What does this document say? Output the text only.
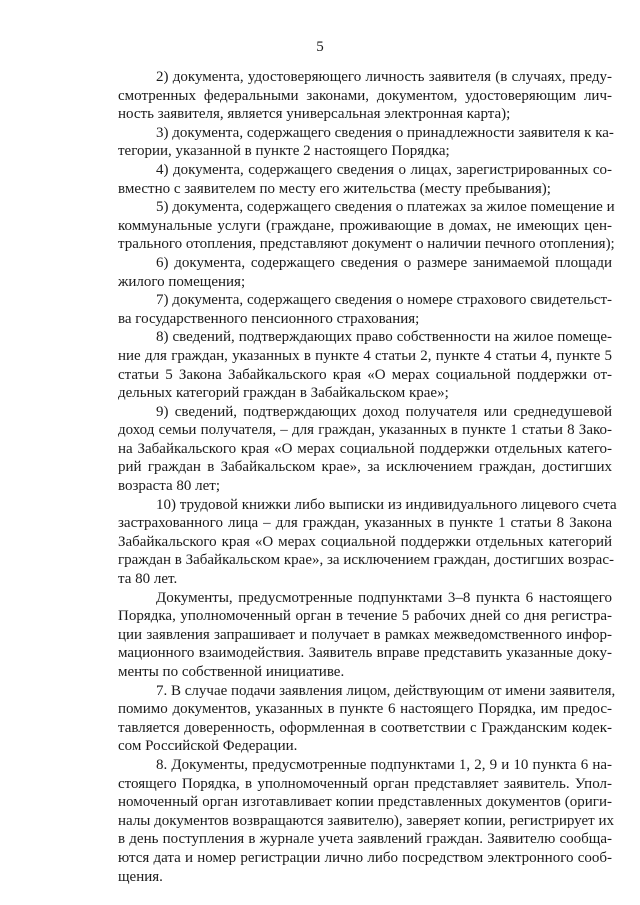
5
2) документа, удостоверяющего личность заявителя (в случаях, преду-
смотренных федеральными законами, документом, удостоверяющим лич-
ность заявителя, является универсальная электронная карта);
3) документа, содержащего сведения о принадлежности заявителя к ка-
тегории, указанной в пункте 2 настоящего Порядка;
4) документа, содержащего сведения о лицах, зарегистрированных со-
вместно с заявителем по месту его жительства (месту пребывания);
5) документа, содержащего сведения о платежах за жилое помещение и
коммунальные услуги (граждане, проживающие в домах, не имеющих цен-
трального отопления, представляют документ о наличии печного отопления);
6) документа, содержащего сведения о размере занимаемой площади
жилого помещения;
7) документа, содержащего сведения о номере страхового свидетельст-
ва государственного пенсионного страхования;
8) сведений, подтверждающих право собственности на жилое помеще-
ние для граждан, указанных в пункте 4 статьи 2, пункте 4 статьи 4, пункте 5
статьи 5 Закона Забайкальского края «О мерах социальной поддержки от-
дельных категорий граждан в Забайкальском крае»;
9) сведений, подтверждающих доход получателя или среднедушевой
доход семьи получателя, – для граждан, указанных в пункте 1 статьи 8 Зако-
на Забайкальского края «О мерах социальной поддержки отдельных катего-
рий граждан в Забайкальском крае», за исключением граждан, достигших
возраста 80 лет;
10) трудовой книжки либо выписки из индивидуального лицевого счета
застрахованного лица – для граждан, указанных в пункте 1 статьи 8 Закона
Забайкальского края «О мерах социальной поддержки отдельных категорий
граждан в Забайкальском крае», за исключением граждан, достигших возрас-
та 80 лет.
Документы, предусмотренные подпунктами 3–8 пункта 6 настоящего
Порядка, уполномоченный орган в течение 5 рабочих дней со дня регистра-
ции заявления запрашивает и получает в рамках межведомственного инфор-
мационного взаимодействия. Заявитель вправе представить указанные доку-
менты по собственной инициативе.
7. В случае подачи заявления лицом, действующим от имени заявителя,
помимо документов, указанных в пункте 6 настоящего Порядка, им предос-
тавляется доверенность, оформленная в соответствии с Гражданским кодек-
сом Российской Федерации.
8. Документы, предусмотренные подпунктами 1, 2, 9 и 10 пункта 6 на-
стоящего Порядка, в уполномоченный орган представляет заявитель. Упол-
номоченный орган изготавливает копии представленных документов (ориги-
налы документов возвращаются заявителю), заверяет копии, регистрирует их
в день поступления в журнале учета заявлений граждан. Заявителю сообща-
ются дата и номер регистрации лично либо посредством электронного сооб-
щения.
